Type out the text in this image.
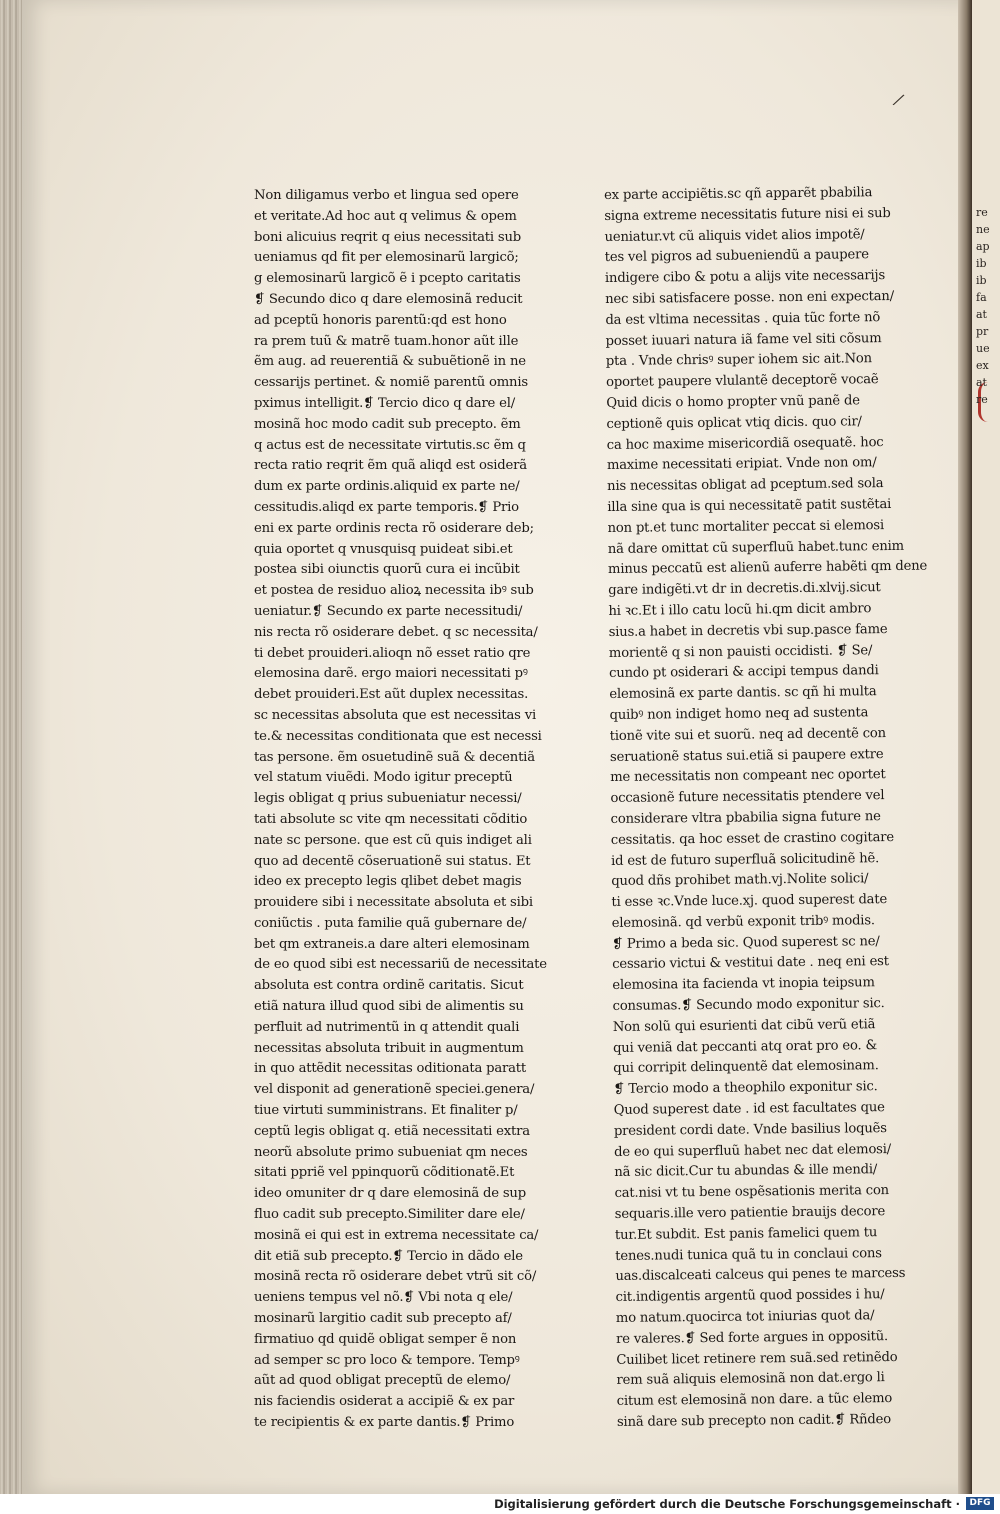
/
Non diligamus verbo et lingua sed opere
et veritate.Ad hoc aut q velimus & opem
boni alicuius reqrit q eius necessitati sub
ueniamus qd fit per elemosinarũ largicõ;
g elemosinarũ largicõ ẽ i pcepto caritatis
❡ Secundo dico q dare elemosinã reducit
ad pceptũ honoris parentũ:qd est hono
ra prem tuũ & matrẽ tuam.honor aũt ille
ẽm aug. ad reuerentiã & subuẽtionẽ in ne
cessarijs pertinet. & nomiẽ parentũ omnis
pximus intelligit.❡ Tercio dico q dare el/
mosinã hoc modo cadit sub precepto. ẽm
q actus est de necessitate virtutis.sc ẽm q
recta ratio reqrit ẽm quã aliqd est osiderã
dum ex parte ordinis.aliquid ex parte ne/
cessitudis.aliqd ex parte temporis.❡ Prio
eni ex parte ordinis recta rõ osiderare deb;
quia oportet q vnusquisq puideat sibi.et
postea sibi oiunctis quorũ cura ei incũbit
et postea de residuo alioꝝ necessita ibꝰ sub
ueniatur.❡ Secundo ex parte necessitudi/
nis recta rõ osiderare debet. q sc necessita/
ti debet prouideri.alioqn nõ esset ratio qre
elemosina darẽ. ergo maiori necessitati pꝰ
debet prouideri.Est aũt duplex necessitas.
sc necessitas absoluta que est necessitas vi
te.& necessitas conditionata que est necessi
tas persone. ẽm osuetudinẽ suã & decentiã
vel statum viuẽdi. Modo igitur preceptũ
legis obligat q prius subueniatur necessi/
tati absolute sc vite qm necessitati cõditio
nate sc persone. que est cũ quis indiget ali
quo ad decentẽ cõseruationẽ sui status. Et
ideo ex precepto legis qlibet debet magis
prouidere sibi i necessitate absoluta et sibi
coniũctis . puta familie quã gubernare de/
bet qm extraneis.a dare alteri elemosinam
de eo quod sibi est necessariũ de necessitate
absoluta est contra ordinẽ caritatis. Sicut
etiã natura illud quod sibi de alimentis su
perfluit ad nutrimentũ in q attendit quali
necessitas absoluta tribuit in augmentum
in quo attẽdit necessitas oditionata paratt
vel disponit ad generationẽ speciei.genera/
tiue virtuti sumministrans. Et finaliter p/
ceptũ legis obligat q. etiã necessitati extra
neorũ absolute primo subueniat qm neces
sitati ppriẽ vel ppinquorũ cõditionatẽ.Et
ideo omuniter dr q dare elemosinã de sup
fluo cadit sub precepto.Similiter dare ele/
mosinã ei qui est in extrema necessitate ca/
dit etiã sub precepto.❡ Tercio in dãdo ele
mosinã recta rõ osiderare debet vtrũ sit cõ/
ueniens tempus vel nõ.❡ Vbi nota q ele/
mosinarũ largitio cadit sub precepto af/
firmatiuo qd quidẽ obligat semper ẽ non
ad semper sc pro loco & tempore. Tempꝰ
aũt ad quod obligat preceptũ de elemo/
nis faciendis osiderat a accipiẽ & ex par
te recipientis & ex parte dantis.❡ Primo
ex parte accipiẽtis.sc qñ apparẽt pbabilia
signa extreme necessitatis future nisi ei sub
ueniatur.vt cũ aliquis videt alios impotẽ/
tes vel pigros ad subueniendũ a paupere
indigere cibo & potu a alijs vite necessarijs
nec sibi satisfacere posse. non eni expectan/
da est vltima necessitas . quia tũc forte nõ
posset iuuari natura iã fame vel siti cõsum
pta . Vnde chrisꝰ super iohem sic ait.Non
oportet paupere vlulantẽ deceptorẽ vocaẽ
Quid dicis o homo propter vnũ panẽ de
ceptionẽ quis oplicat vtiq dicis. quo cir/
ca hoc maxime misericordiã osequatẽ. hoc
maxime necessitati eripiat. Vnde non om/
nis necessitas obligat ad pceptum.sed sola
illa sine qua is qui necessitatẽ patit sustẽtai
non pt.et tunc mortaliter peccat si elemosi
nã dare omittat cũ superfluũ habet.tunc enim
minus peccatũ est alienũ auferre habẽti qm dene
gare indigẽti.vt dr in decretis.di.xlvij.sicut
hi ꝛc.Et i illo catu locũ hi.qm dicit ambro
sius.a habet in decretis vbi sup.pasce fame
morientẽ q si non pauisti occidisti. ❡ Se/
cundo pt osiderari & accipi tempus dandi
elemosinã ex parte dantis. sc qñ hi multa
quibꝰ non indiget homo neq ad sustenta
tionẽ vite sui et suorũ. neq ad decentẽ con
seruationẽ status sui.etiã si paupere extre
me necessitatis non compeant nec oportet
occasionẽ future necessitatis ptendere vel
considerare vltra pbabilia signa future ne
cessitatis. qa hoc esset de crastino cogitare
id est de futuro superfluã solicitudinẽ hẽ.
quod dñs prohibet math.vj.Nolite solici/
ti esse ꝛc.Vnde luce.xj. quod superest date
elemosinã. qd verbũ exponit tribꝰ modis.
❡ Primo a beda sic. Quod superest sc ne/
cessario victui & vestitui date . neq eni est
elemosina ita facienda vt inopia teipsum
consumas.❡ Secundo modo exponitur sic.
Non solũ qui esurienti dat cibũ verũ etiã
qui veniã dat peccanti atq orat pro eo. &
qui corripit delinquentẽ dat elemosinam.
❡ Tercio modo a theophilo exponitur sic.
Quod superest date . id est facultates que
president cordi date. Vnde basilius loquẽs
de eo qui superfluũ habet nec dat elemosi/
nã sic dicit.Cur tu abundas & ille mendi/
cat.nisi vt tu bene ospẽsationis merita con
sequaris.ille vero patientie brauijs decore
tur.Et subdit. Est panis famelici quem tu
tenes.nudi tunica quã tu in conclaui cons
uas.discalceati calceus qui penes te marcess
cit.indigentis argentũ quod possides i hu/
mo natum.quocirca tot iniurias quot da/
re valeres.❡ Sed forte argues in oppositũ.
Cuilibet licet retinere rem suã.sed retinẽdo
rem suã aliquis elemosinã non dat.ergo li
citum est elemosinã non dare. a tũc elemo
sinã dare sub precepto non cadit.❡ Rñdeo
re
ne
ap
ib
ib
fa
at
pr
ue
ex
at
re
Digitalisierung gefördert durch die Deutsche Forschungsgemeinschaft ·	DFG
